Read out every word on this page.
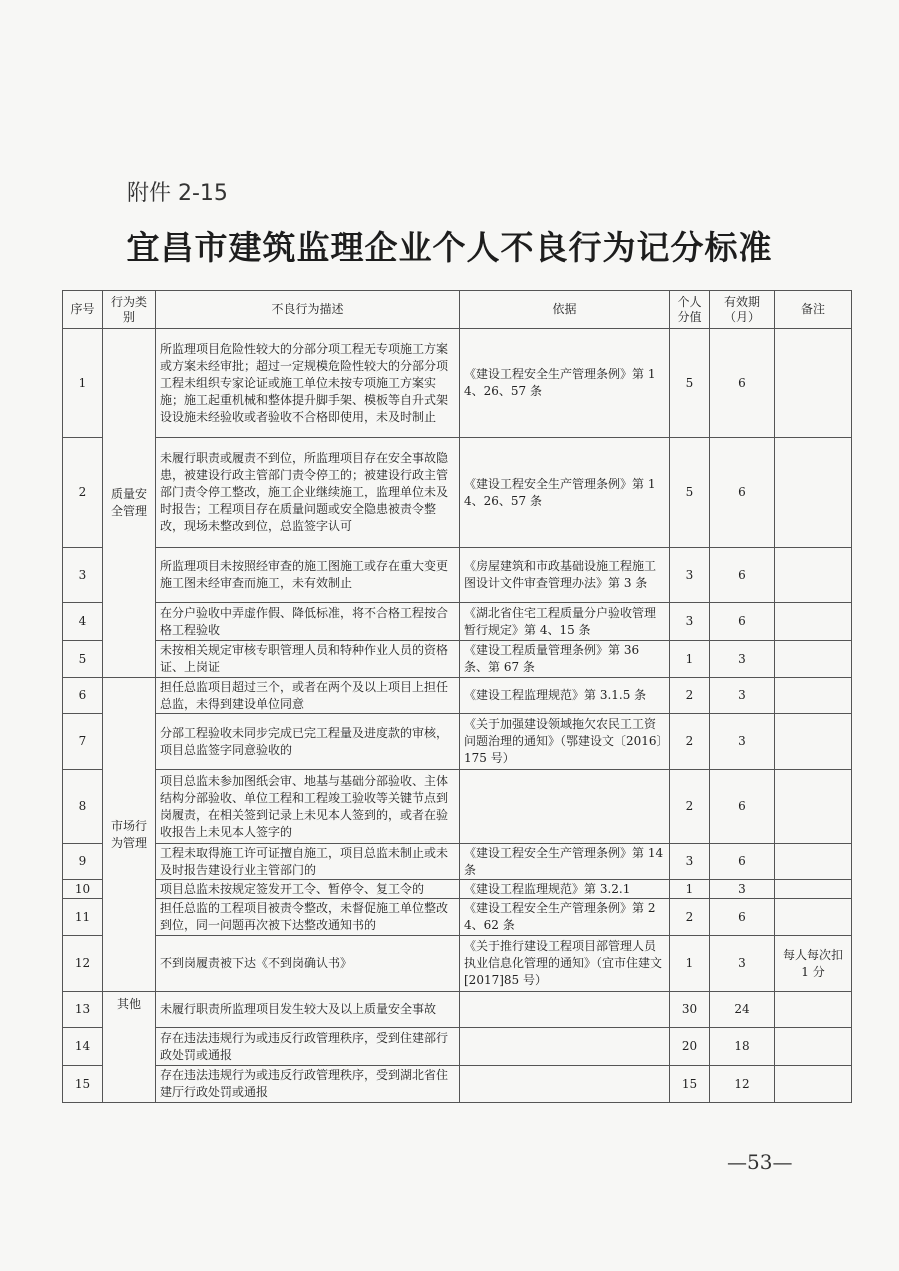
附件 2-15
宜昌市建筑监理企业个人不良行为记分标准
序号	行为类别	不良行为描述	依据	个人分值	有效期（月）	备注
1	质量安全管理	所监理项目危险性较大的分部分项工程无专项施工方案或方案未经审批；超过一定规模危险性较大的分部分项工程未组织专家论证或施工单位未按专项施工方案实施；施工起重机械和整体提升脚手架、模板等自升式架设设施未经验收或者验收不合格即使用，未及时制止	《建设工程安全生产管理条例》第 14、26、57 条	5	6	
2		未履行职责或履责不到位，所监理项目存在安全事故隐患，被建设行政主管部门责令停工的；被建设行政主管部门责令停工整改，施工企业继续施工，监理单位未及时报告；工程项目存在质量问题或安全隐患被责令整改，现场未整改到位，总监签字认可	《建设工程安全生产管理条例》第 14、26、57 条	5	6	
3		所监理项目未按照经审查的施工图施工或存在重大变更施工图未经审查而施工，未有效制止	《房屋建筑和市政基础设施工程施工图设计文件审查管理办法》第 3 条	3	6	
4		在分户验收中弄虚作假、降低标准，将不合格工程按合格工程验收	《湖北省住宅工程质量分户验收管理暂行规定》第 4、15 条	3	6	
5		未按相关规定审核专职管理人员和特种作业人员的资格证、上岗证	《建设工程质量管理条例》第 36 条、第 67 条	1	3	
6	市场行为管理	担任总监项目超过三个，或者在两个及以上项目上担任总监，未得到建设单位同意	《建设工程监理规范》第 3.1.5 条	2	3	
7		分部工程验收未同步完成已完工程量及进度款的审核，项目总监签字同意验收的	《关于加强建设领域拖欠农民工工资问题治理的通知》（鄂建设文〔2016〕175 号）	2	3	
8		项目总监未参加图纸会审、地基与基础分部验收、主体结构分部验收、单位工程和工程竣工验收等关键节点到岗履责，在相关签到记录上未见本人签到的，或者在验收报告上未见本人签字的		2	6	
9		工程未取得施工许可证擅自施工，项目总监未制止或未及时报告建设行业主管部门的	《建设工程安全生产管理条例》第 14 条	3	6	
10		项目总监未按规定签发开工令、暂停令、复工令的	《建设工程监理规范》第 3.2.1	1	3	
11		担任总监的工程项目被责令整改，未督促施工单位整改到位，同一问题再次被下达整改通知书的	《建设工程安全生产管理条例》第 24、62 条	2	6	
12		不到岗履责被下达《不到岗确认书》	《关于推行建设工程项目部管理人员执业信息化管理的通知》（宜市住建文[2017]85 号）	1	3	每人每次扣 1 分
13	其他	未履行职责所监理项目发生较大及以上质量安全事故		30	24	
14		存在违法违规行为或违反行政管理秩序，受到住建部行政处罚或通报		20	18	
15		存在违法违规行为或违反行政管理秩序，受到湖北省住建厅行政处罚或通报		15	12	
—53—
